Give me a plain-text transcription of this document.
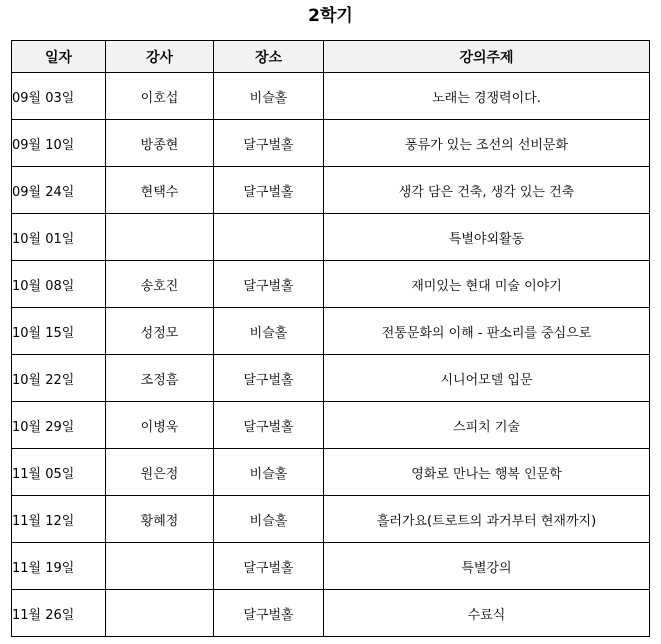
2학기
일자	강사	장소	강의주제
09월 03일	이호섭	비슬홀	노래는 경쟁력이다.
09월 10일	방종현	달구벌홀	풍류가 있는 조선의 선비문화
09월 24일	현택수	달구벌홀	생각 담은 건축, 생각 있는 건축
10월 01일			특별야외활동
10월 08일	송호진	달구벌홀	재미있는 현대 미술 이야기
10월 15일	성정모	비슬홀	전통문화의 이해 - 판소리를 중심으로
10월 22일	조정흠	달구벌홀	시니어모델 입문
10월 29일	이병욱	달구벌홀	스피치 기술
11월 05일	원은정	비슬홀	영화로 만나는 행복 인문학
11월 12일	황혜정	비슬홀	흘러가요(트로트의 과거부터 현재까지)
11월 19일		달구벌홀	특별강의
11월 26일		달구벌홀	수료식
